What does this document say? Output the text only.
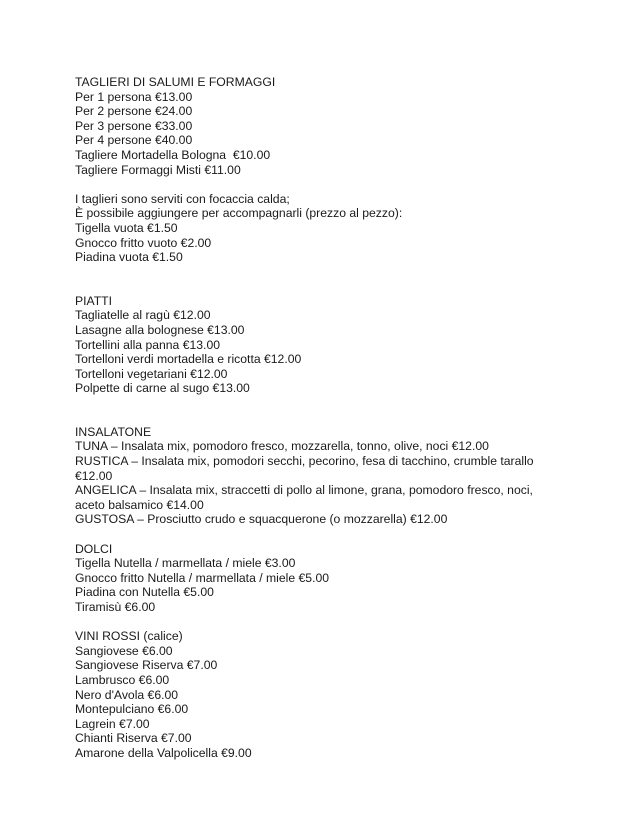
TAGLIERI DI SALUMI E FORMAGGI

Per 1 persona €13.00

Per 2 persone €24.00

Per 3 persone €33.00

Per 4 persone €40.00

Tagliere Mortadella Bologna  €10.00

Tagliere Formaggi Misti €11.00

I taglieri sono serviti con focaccia calda;

È possibile aggiungere per accompagnarli (prezzo al pezzo):

Tigella vuota €1.50

Gnocco fritto vuoto €2.00

Piadina vuota €1.50

PIATTI

Tagliatelle al ragù €12.00

Lasagne alla bolognese €13.00

Tortellini alla panna €13.00

Tortelloni verdi mortadella e ricotta €12.00

Tortelloni vegetariani €12.00

Polpette di carne al sugo €13.00

INSALATONE

TUNA – Insalata mix, pomodoro fresco, mozzarella, tonno, olive, noci €12.00

RUSTICA – Insalata mix, pomodori secchi, pecorino, fesa di tacchino, crumble tarallo

€12.00

ANGELICA – Insalata mix, straccetti di pollo al limone, grana, pomodoro fresco, noci,

aceto balsamico €14.00

GUSTOSA – Prosciutto crudo e squacquerone (o mozzarella) €12.00

DOLCI

Tigella Nutella / marmellata / miele €3.00

Gnocco fritto Nutella / marmellata / miele €5.00

Piadina con Nutella €5.00

Tiramisù €6.00

VINI ROSSI (calice)

Sangiovese €6.00

Sangiovese Riserva €7.00

Lambrusco €6.00

Nero d'Avola €6.00

Montepulciano €6.00

Lagrein €7.00

Chianti Riserva €7.00

Amarone della Valpolicella €9.00
